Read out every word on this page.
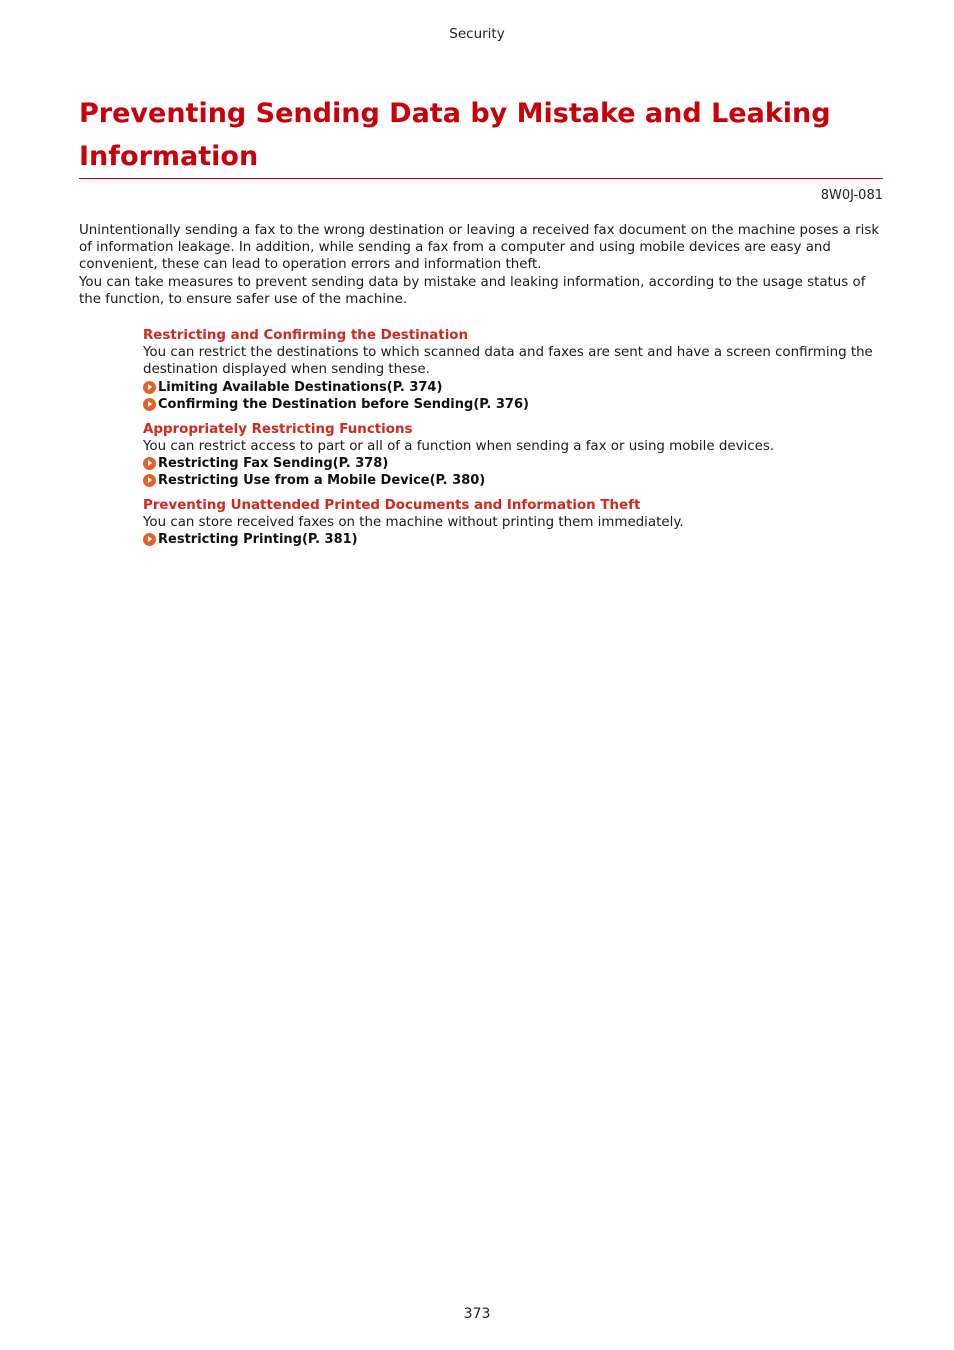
Security
Preventing Sending Data by Mistake and Leaking Information
8W0J-081

Unintentionally sending a fax to the wrong destination or leaving a received fax document on the machine poses a risk of information leakage. In addition, while sending a fax from a computer and using mobile devices are easy and convenient, these can lead to operation errors and information theft.

You can take measures to prevent sending data by mistake and leaking information, according to the usage status of the function, to ensure safer use of the machine.

Restricting and Confirming the Destination
You can restrict the destinations to which scanned data and faxes are sent and have a screen confirming the destination displayed when sending these.
Limiting Available Destinations(P. 374)
Confirming the Destination before Sending(P. 376)
Appropriately Restricting Functions
You can restrict access to part or all of a function when sending a fax or using mobile devices.
Restricting Fax Sending(P. 378)
Restricting Use from a Mobile Device(P. 380)
Preventing Unattended Printed Documents and Information Theft
You can store received faxes on the machine without printing them immediately.
Restricting Printing(P. 381)
373
